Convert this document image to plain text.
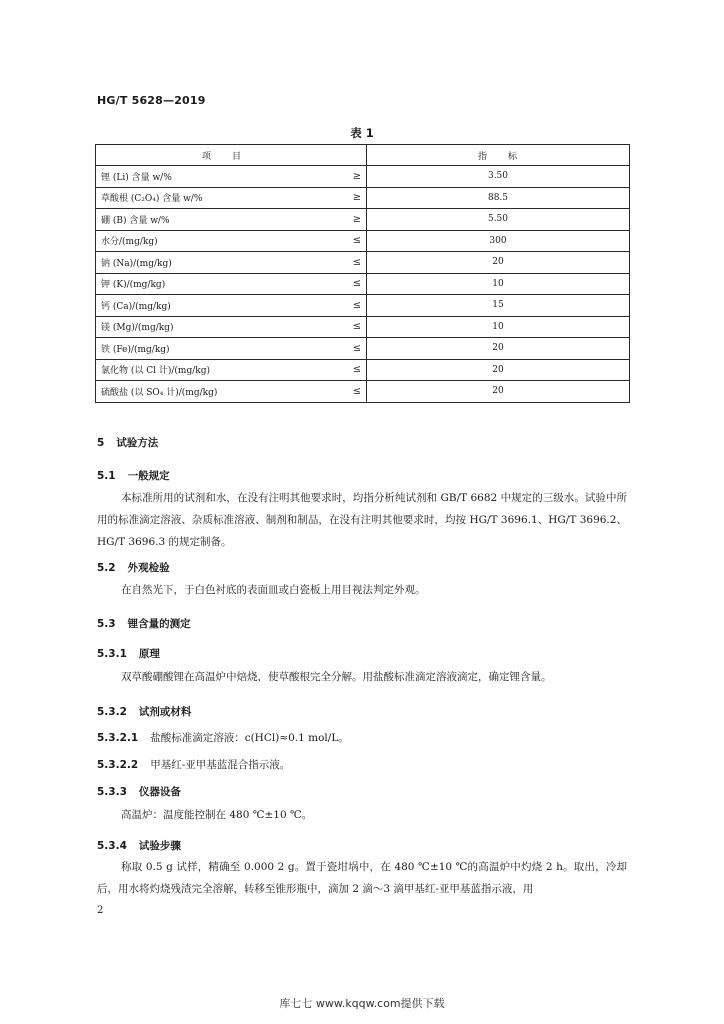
HG/T 5628—2019
表 1
项　　目		指　　标
锂 (Li) 含量 w/%	≥	3.50
草酸根 (C₂O₄) 含量 w/%	≥	88.5
硼 (B) 含量 w/%	≥	5.50
水分/(mg/kg)	≤	300
钠 (Na)/(mg/kg)	≤	20
钾 (K)/(mg/kg)	≤	10
钙 (Ca)/(mg/kg)	≤	15
镁 (Mg)/(mg/kg)	≤	10
铁 (Fe)/(mg/kg)	≤	20
氯化物 (以 Cl 计)/(mg/kg)	≤	20
硫酸盐 (以 SO₄ 计)/(mg/kg)	≤	20
5 试验方法
5.1 一般规定
本标准所用的试剂和水，在没有注明其他要求时，均指分析纯试剂和 GB/T 6682 中规定的三级水。试验中所用的标准滴定溶液、杂质标准溶液、制剂和制品，在没有注明其他要求时，均按 HG/T 3696.1、HG/T 3696.2、HG/T 3696.3 的规定制备。
5.2 外观检验
在自然光下，于白色衬底的表面皿或白瓷板上用目视法判定外观。
5.3 锂含量的测定
5.3.1 原理
双草酸硼酸锂在高温炉中焙烧，使草酸根完全分解。用盐酸标准滴定溶液滴定，确定锂含量。
5.3.2 试剂或材料
5.3.2.1 盐酸标准滴定溶液：c(HCl)≈0.1 mol/L。
5.3.2.2 甲基红-亚甲基蓝混合指示液。
5.3.3 仪器设备
高温炉：温度能控制在 480 ℃±10 ℃。
5.3.4 试验步骤
称取 0.5 g 试样，精确至 0.000 2 g。置于瓷坩埚中，在 480 ℃±10 ℃的高温炉中灼烧 2 h。取出，冷却后，用水将灼烧残渣完全溶解，转移至锥形瓶中，滴加 2 滴～3 滴甲基红-亚甲基蓝指示液，用
2
库七七 www.kqqw.com提供下载
